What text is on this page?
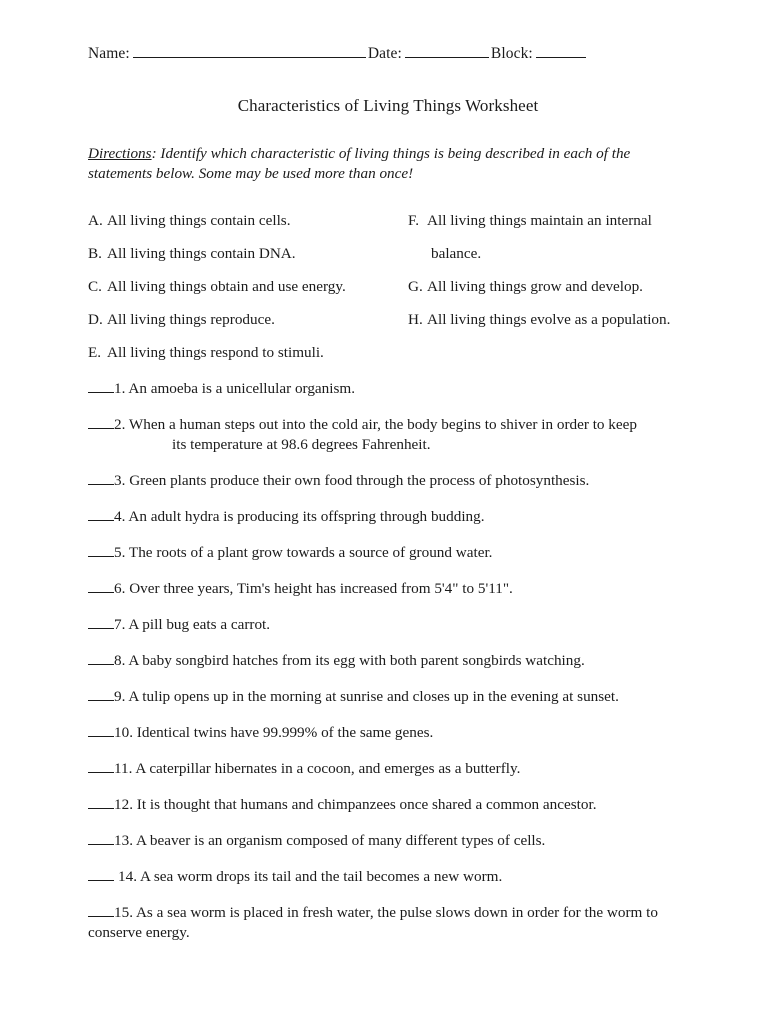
Name:	Date:	Block:
Characteristics of Living Things Worksheet
Directions: Identify which characteristic of living things is being described in each of the statements below. Some may be used more than once!
A. All living things contain cells.
B. All living things contain DNA.
C. All living things obtain and use energy.
D. All living things reproduce.
E. All living things respond to stimuli.
F. All living things maintain an internal
balance.
G. All living things grow and develop.
H. All living things evolve as a population.
1. An amoeba is a unicellular organism.
2. When a human steps out into the cold air, the body begins to shiver in order to keep
its temperature at 98.6 degrees Fahrenheit.
3. Green plants produce their own food through the process of photosynthesis.
4. An adult hydra is producing its offspring through budding.
5. The roots of a plant grow towards a source of ground water.
6. Over three years, Tim's height has increased from 5'4" to 5'11".
7. A pill bug eats a carrot.
8. A baby songbird hatches from its egg with both parent songbirds watching.
9. A tulip opens up in the morning at sunrise and closes up in the evening at sunset.
10. Identical twins have 99.999% of the same genes.
11. A caterpillar hibernates in a cocoon, and emerges as a butterfly.
12. It is thought that humans and chimpanzees once shared a common ancestor.
13. A beaver is an organism composed of many different types of cells.
14. A sea worm drops its tail and the tail becomes a new worm.
15. As a sea worm is placed in fresh water, the pulse slows down in order for the worm to conserve energy.
